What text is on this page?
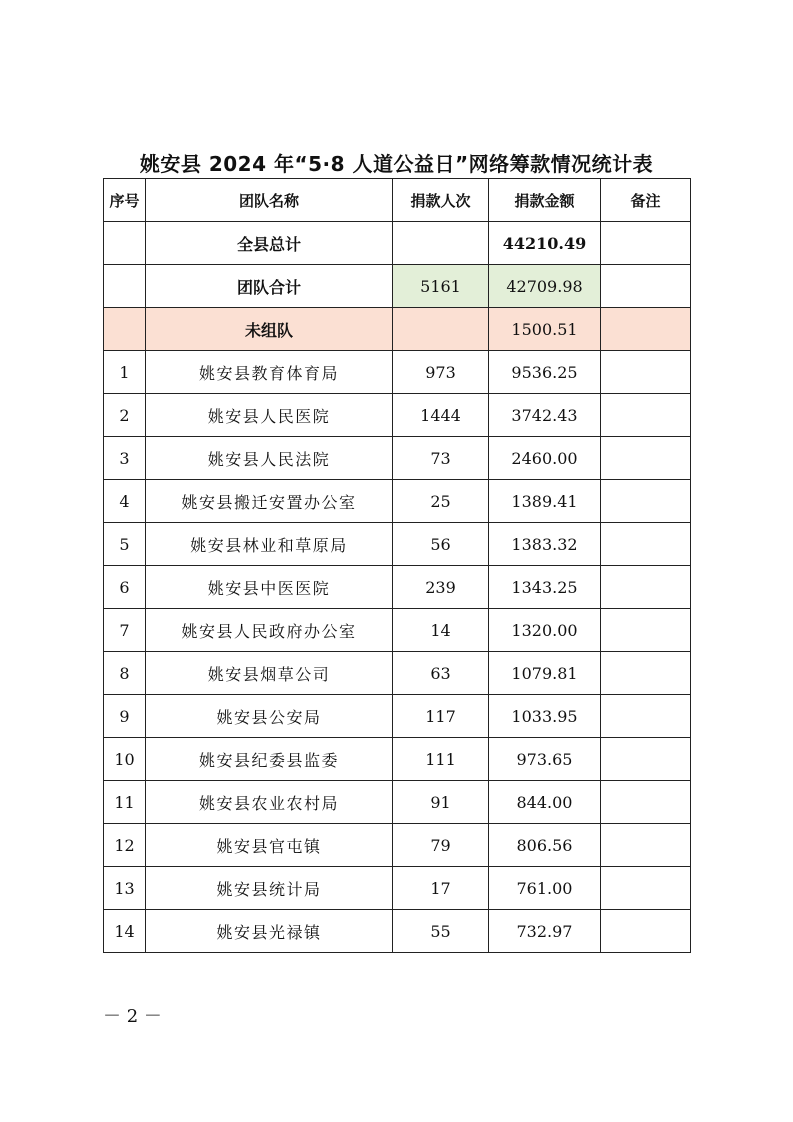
姚安县 2024 年“5·8 人道公益日”网络筹款情况统计表
序号	团队名称	捐款人次	捐款金额	备注
	全县总计		44210.49	
	团队合计	5161	42709.98	
	未组队		1500.51	
1	姚安县教育体育局	973	9536.25	
2	姚安县人民医院	1444	3742.43	
3	姚安县人民法院	73	2460.00	
4	姚安县搬迁安置办公室	25	1389.41	
5	姚安县林业和草原局	56	1383.32	
6	姚安县中医医院	239	1343.25	
7	姚安县人民政府办公室	14	1320.00	
8	姚安县烟草公司	63	1079.81	
9	姚安县公安局	117	1033.95	
10	姚安县纪委县监委	111	973.65	
11	姚安县农业农村局	91	844.00	
12	姚安县官屯镇	79	806.56	
13	姚安县统计局	17	761.00	
14	姚安县光禄镇	55	732.97	
－ 2 －
